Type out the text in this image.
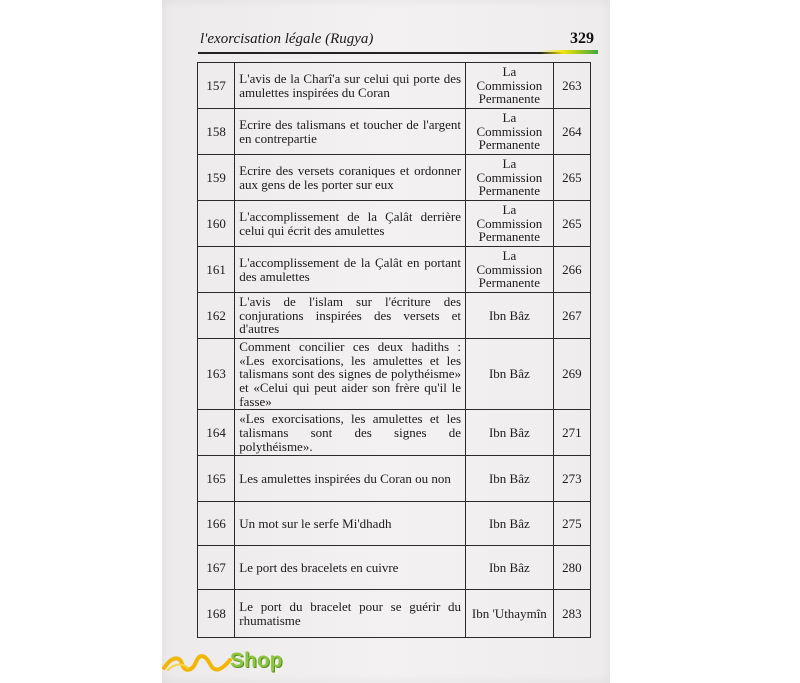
l'exorcisation légale (Rugya)	329
157	L'avis de la Charî'a sur celui qui porte des amulettes inspirées du Coran	La Commission Permanente	263
158	Ecrire des talismans et toucher de l'argent en contrepartie	La Commission Permanente	264
159	Ecrire des versets coraniques et ordonner aux gens de les porter sur eux	La Commission Permanente	265
160	L'accomplissement de la Çalât derrière celui qui écrit des amulettes	La Commission Permanente	265
161	L'accomplissement de la Çalât en portant des amulettes	La Commission Permanente	266
162	L'avis de l'islam sur l'écriture des conjurations inspirées des versets et d'autres	Ibn Bâz	267
163	Comment concilier ces deux hadiths : «Les exorcisations, les amulettes et les talismans sont des signes de polythéisme» et «Celui qui peut aider son frère qu'il le fasse»	Ibn Bâz	269
164	«Les exorcisations, les amulettes et les talismans sont des signes de polythéisme».	Ibn Bâz	271
165	Les amulettes inspirées du Coran ou non	Ibn Bâz	273
166	Un mot sur le serfe Mi'dhadh	Ibn Bâz	275
167	Le port des bracelets en cuivre	Ibn Bâz	280
168	Le port du bracelet pour se guérir du rhumatisme	Ibn 'Uthaymîn	283
Shop
